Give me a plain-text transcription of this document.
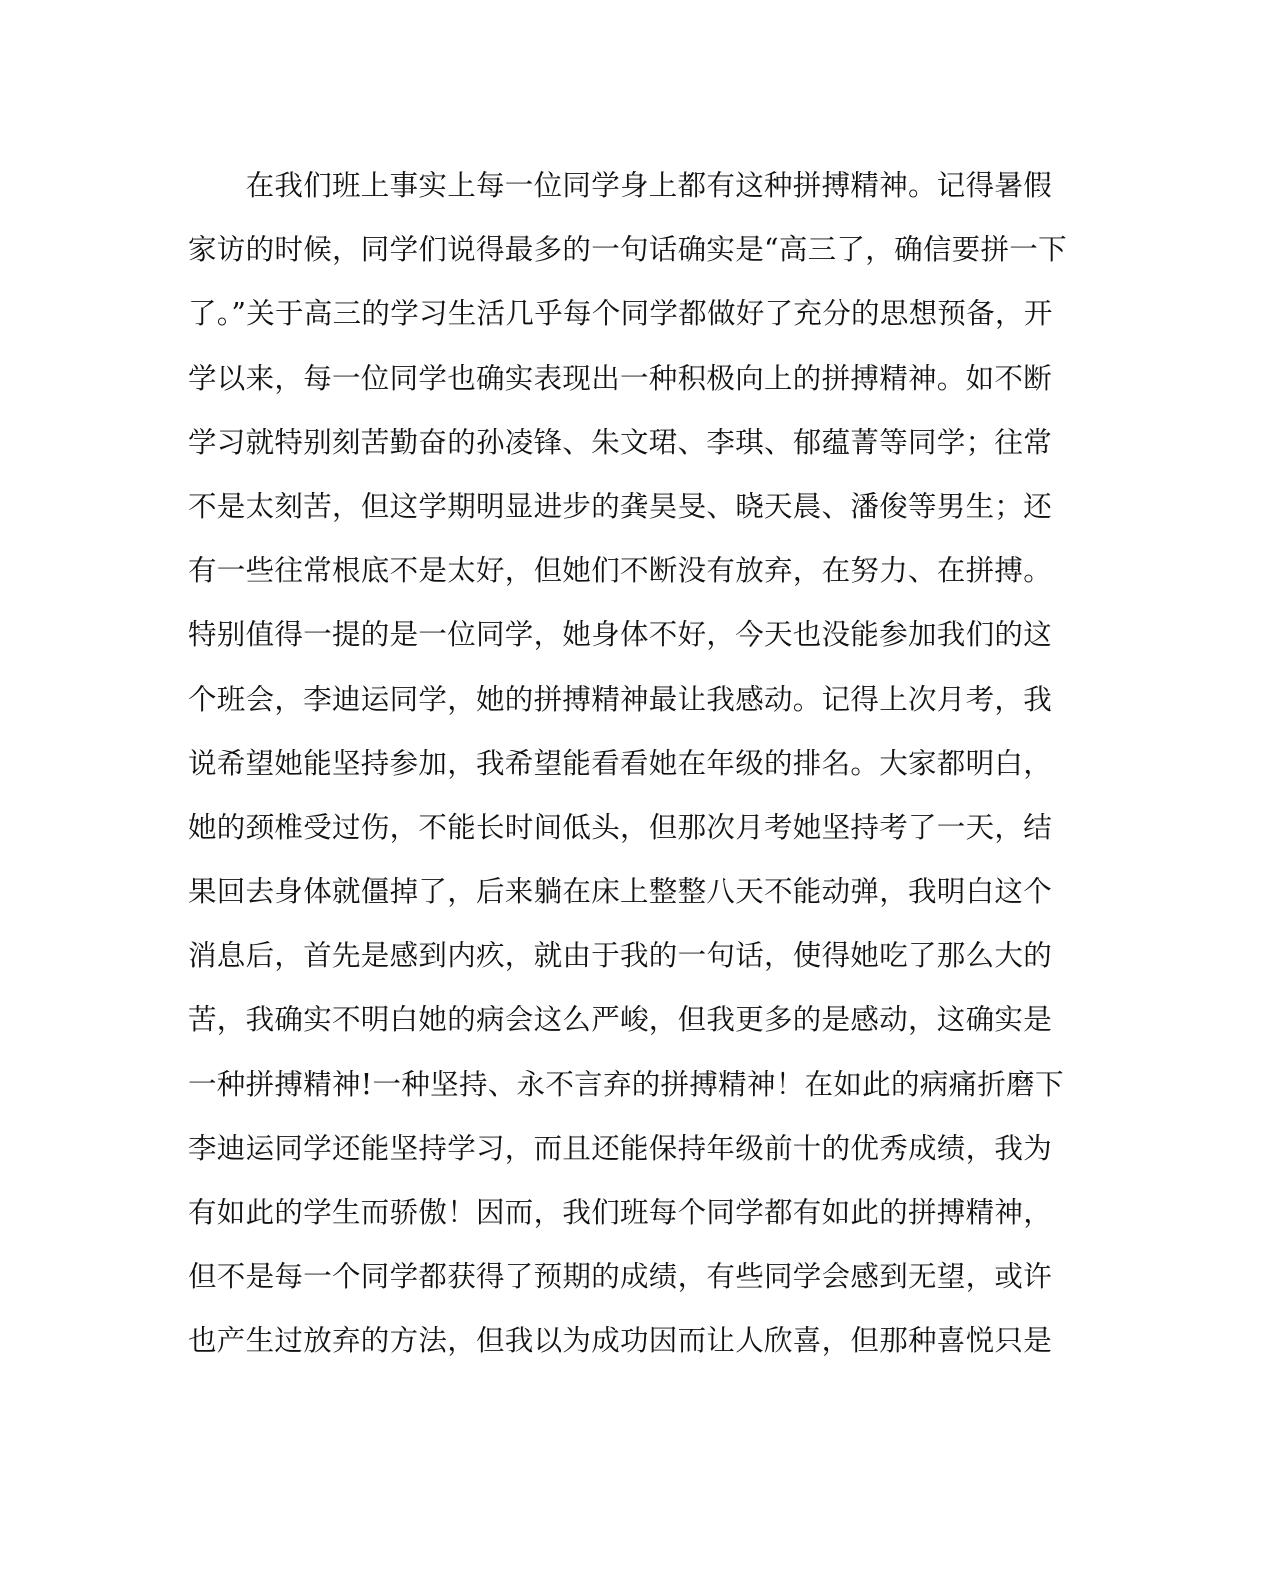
　　在我们班上事实上每一位同学身上都有这种拼搏精神。记得暑假
家访的时候，同学们说得最多的一句话确实是“高三了，确信要拼一下
了。”关于高三的学习生活几乎每个同学都做好了充分的思想预备，开
学以来，每一位同学也确实表现出一种积极向上的拼搏精神。如不断
学习就特别刻苦勤奋的孙凌锋、朱文珺、李琪、郁蕴菁等同学；往常
不是太刻苦，但这学期明显进步的龚昊旻、晓天晨、潘俊等男生；还
有一些往常根底不是太好，但她们不断没有放弃，在努力、在拼搏。
特别值得一提的是一位同学，她身体不好，今天也没能参加我们的这
个班会，李迪运同学，她的拼搏精神最让我感动。记得上次月考，我
说希望她能坚持参加，我希望能看看她在年级的排名。大家都明白，
她的颈椎受过伤，不能长时间低头，但那次月考她坚持考了一天，结
果回去身体就僵掉了，后来躺在床上整整八天不能动弹，我明白这个
消息后，首先是感到内疚，就由于我的一句话，使得她吃了那么大的
苦，我确实不明白她的病会这么严峻，但我更多的是感动，这确实是
一种拼搏精神!一种坚持、永不言弃的拼搏精神！在如此的病痛折磨下
李迪运同学还能坚持学习，而且还能保持年级前十的优秀成绩，我为
有如此的学生而骄傲！因而，我们班每个同学都有如此的拼搏精神，
但不是每一个同学都获得了预期的成绩，有些同学会感到无望，或许
也产生过放弃的方法，但我以为成功因而让人欣喜，但那种喜悦只是
